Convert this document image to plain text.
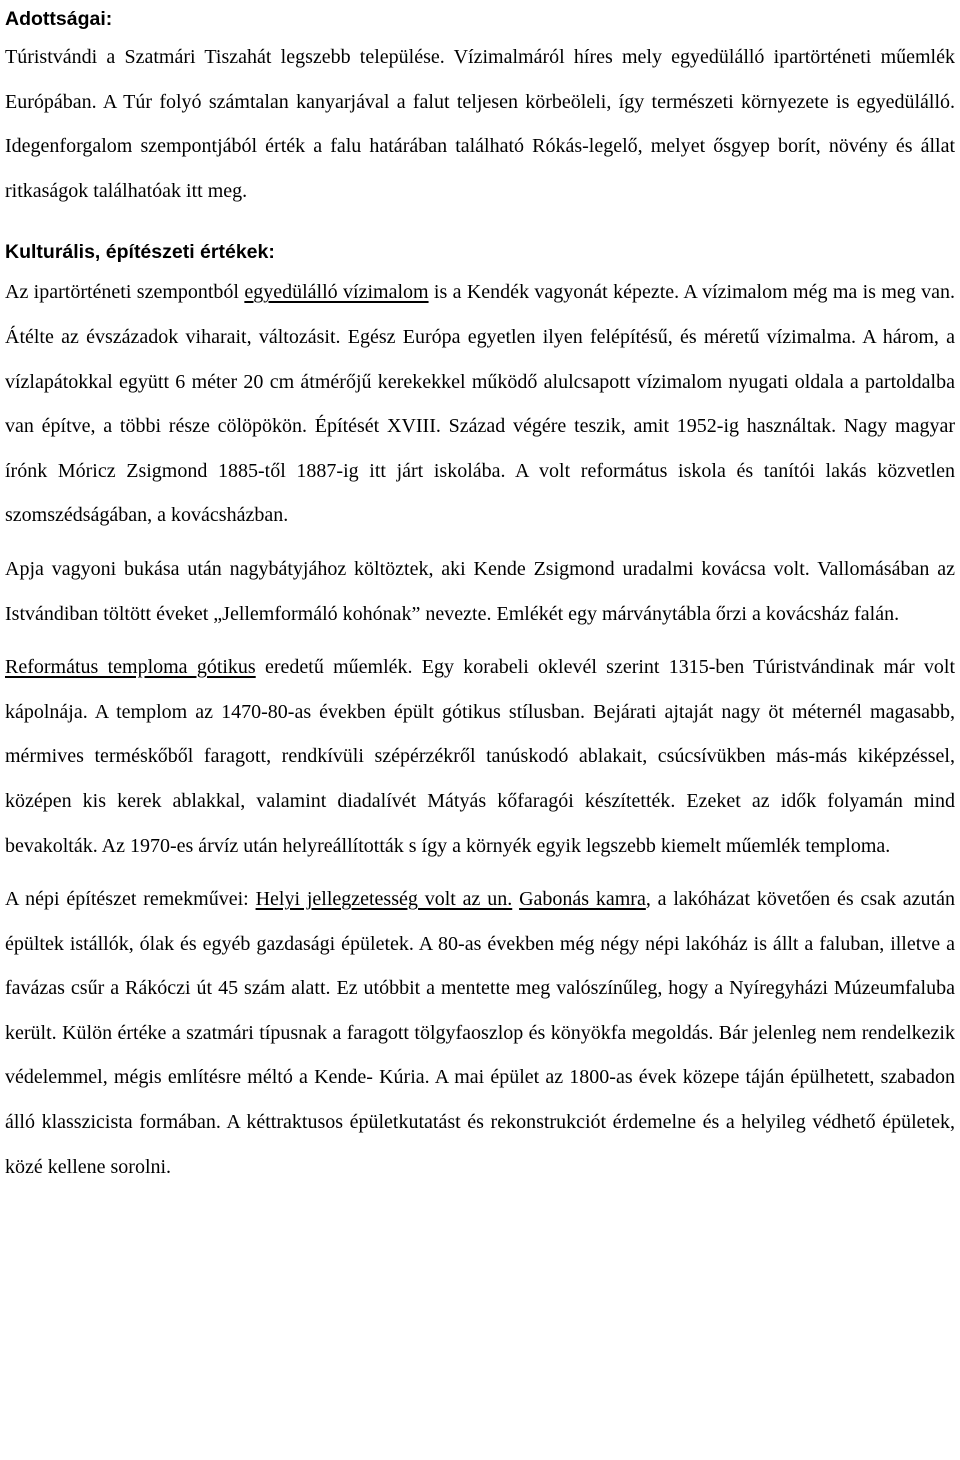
Adottságai:

Túristvándi a Szatmári Tiszahát legszebb települése. Vízimalmáról híres mely egyedülálló ipartörténeti műemlék Európában. A Túr folyó számtalan kanyarjával a falut teljesen körbeöleli, így természeti környezete is egyedülálló. Idegenforgalom szempontjából érték a falu határában található Rókás-legelő, melyet ősgyep borít, növény és állat ritkaságok találhatóak itt meg.

Kulturális, építészeti értékek:

Az ipartörténeti szempontból egyedülálló vízimalom is a Kendék vagyonát képezte. A vízimalom még ma is meg van. Átélte az évszázadok viharait, változásit. Egész Európa egyetlen ilyen felépítésű, és méretű vízimalma. A három, a vízlapátokkal együtt 6 méter 20 cm átmérőjű kerekekkel működő alulcsapott vízimalom nyugati oldala a partoldalba van építve, a többi része cölöpökön. Építését XVIII. Század végére teszik, amit 1952-ig használtak. Nagy magyar írónk Móricz Zsigmond 1885-től 1887-ig itt járt iskolába. A volt református iskola és tanítói lakás közvetlen szomszédságában, a kovácsházban.

Apja vagyoni bukása után nagybátyjához költöztek, aki Kende Zsigmond uradalmi kovácsa volt. Vallomásában az Istvándiban töltött éveket „Jellemformáló kohónak” nevezte. Emlékét egy márványtábla őrzi a kovácsház falán.

Református temploma gótikus eredetű műemlék. Egy korabeli oklevél szerint 1315-ben Túristvándinak már volt kápolnája. A templom az 1470-80-as években épült gótikus stílusban. Bejárati ajtaját nagy öt méternél magasabb, mérmives terméskőből faragott, rendkívüli szépérzékről tanúskodó ablakait, csúcsívükben más-más kiképzéssel, középen kis kerek ablakkal, valamint diadalívét Mátyás kőfaragói készítették. Ezeket az idők folyamán mind bevakolták. Az 1970-es árvíz után helyreállították s így a környék egyik legszebb kiemelt műemlék temploma.

A népi építészet remekművei: Helyi jellegzetesség volt az un. Gabonás kamra, a lakóházat követően és csak azután épültek istállók, ólak és egyéb gazdasági épületek. A 80-as években még négy népi lakóház is állt a faluban, illetve a favázas csűr a Rákóczi út 45 szám alatt. Ez utóbbit a mentette meg valószínűleg, hogy a Nyíregyházi Múzeumfaluba került. Külön értéke a szatmári típusnak a faragott tölgyfaoszlop és könyökfa megoldás. Bár jelenleg nem rendelkezik védelemmel, mégis említésre méltó a Kende- Kúria. A mai épület az 1800-as évek közepe táján épülhetett, szabadon álló klasszicista formában. A kéttraktusos épületkutatást és rekonstrukciót érdemelne és a helyileg védhető épületek, közé kellene sorolni.
